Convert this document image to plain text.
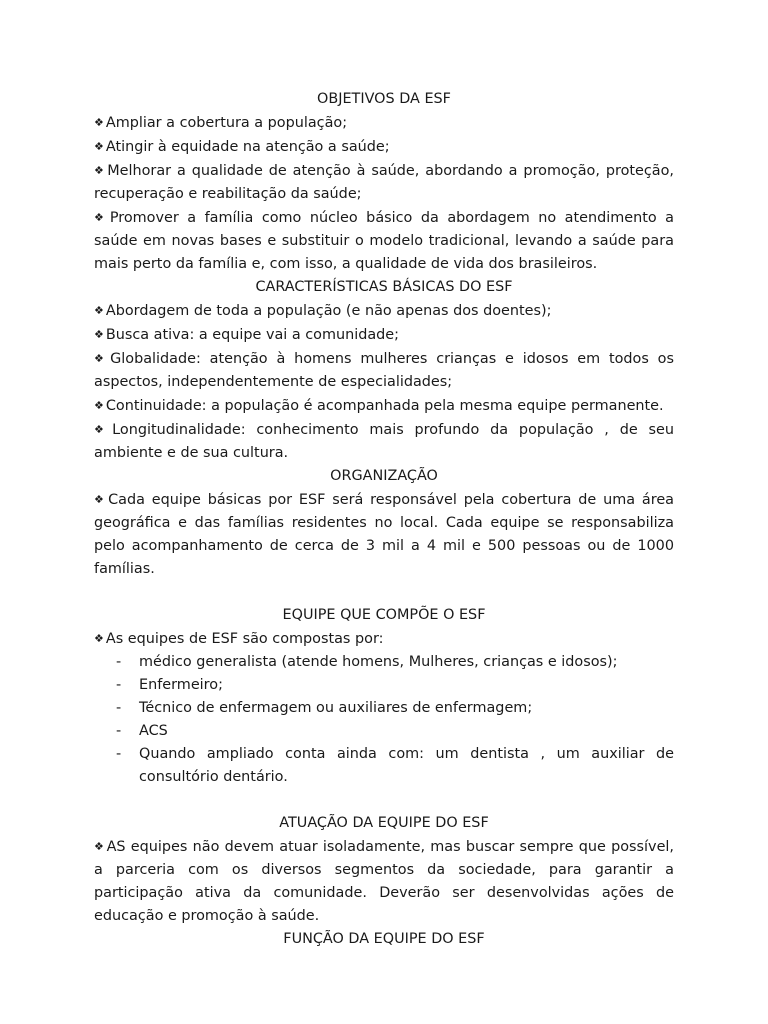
OBJETIVOS DA ESF

❖ Ampliar a cobertura a população;

❖ Atingir à equidade na atenção a saúde;

❖ Melhorar a qualidade de atenção à saúde, abordando a promoção, proteção, recuperação e reabilitação da saúde;

❖ Promover a família como núcleo básico da abordagem no atendimento a saúde em novas bases e substituir o modelo tradicional, levando a saúde para mais perto da família e, com isso, a qualidade de vida dos brasileiros.

CARACTERÍSTICAS BÁSICAS DO ESF

❖ Abordagem de toda a população (e não apenas dos doentes);

❖ Busca ativa: a equipe vai a comunidade;

❖ Globalidade: atenção à homens mulheres crianças e idosos em todos os aspectos, independentemente de especialidades;

❖ Continuidade: a população é acompanhada pela mesma equipe permanente.

❖ Longitudinalidade: conhecimento mais profundo da população , de seu ambiente e de sua cultura.

ORGANIZAÇÃO

❖ Cada equipe básicas por ESF será responsável pela cobertura de uma área geográfica e das famílias residentes no local. Cada equipe se responsabiliza pelo acompanhamento de cerca de 3 mil a 4 mil e 500 pessoas ou de 1000 famílias.

EQUIPE QUE COMPÕE O ESF

❖ As equipes de ESF são compostas por:

- médico generalista (atende homens, Mulheres, crianças e idosos);
- Enfermeiro;
- Técnico de enfermagem ou auxiliares de enfermagem;
- ACS
- Quando ampliado conta ainda com: um dentista , um auxiliar de consultório dentário.
ATUAÇÃO DA EQUIPE DO ESF

❖ AS equipes não devem atuar isoladamente, mas buscar sempre que possível, a parceria com os diversos segmentos da sociedade, para garantir a participação ativa da comunidade. Deverão ser desenvolvidas ações de educação e promoção à saúde.

FUNÇÃO DA EQUIPE DO ESF
